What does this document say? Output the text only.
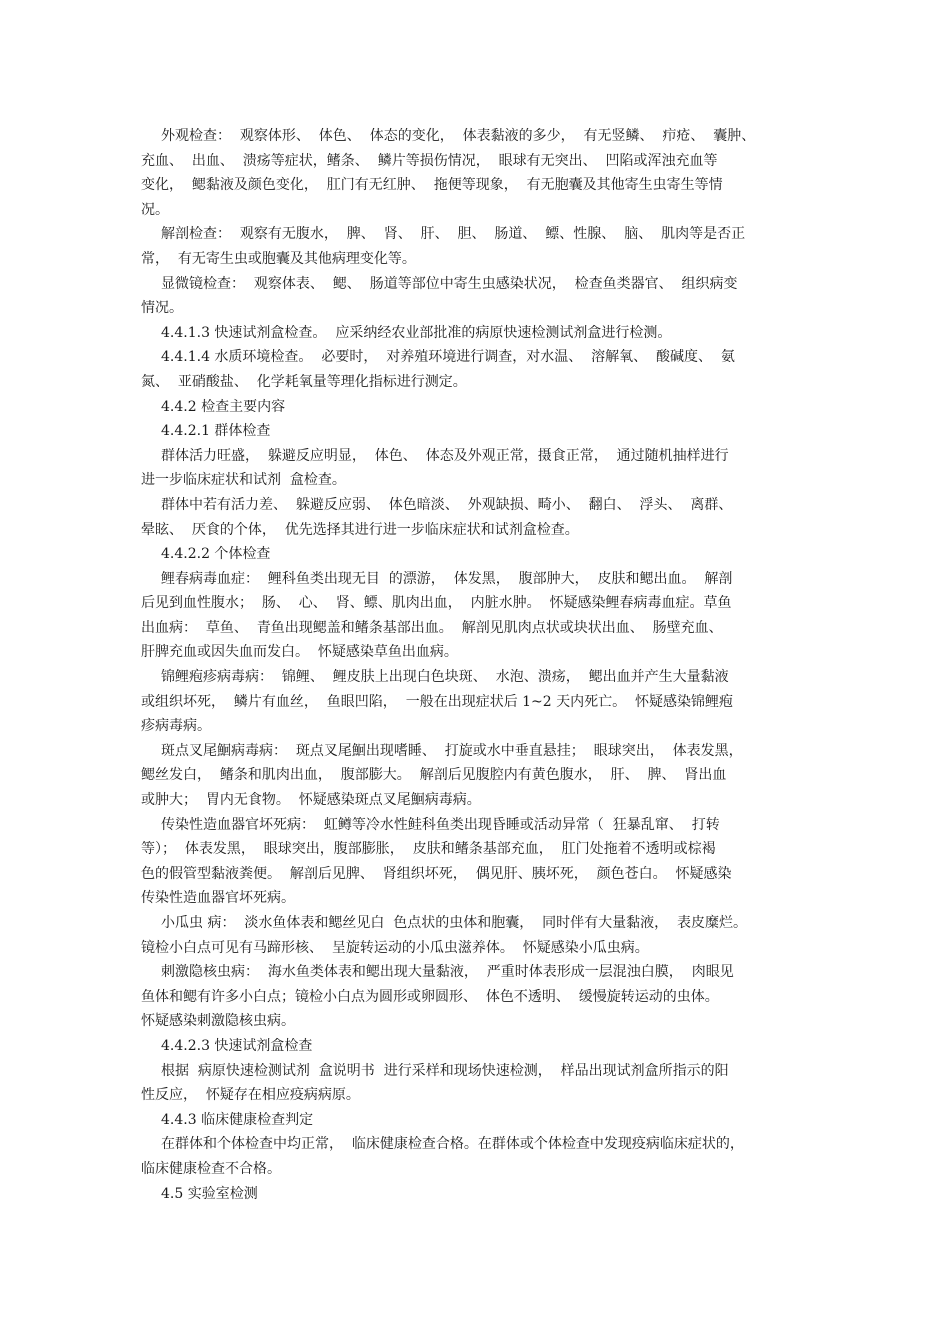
外观检查：  观察体形、  体色、  体态的变化，  体表黏液的多少，  有无竖鳞、  疖疮、  囊肿、
充血、  出血、  溃疡等症状，鳍条、  鳞片等损伤情况，  眼球有无突出、  凹陷或浑浊充血等
变化，  鳃黏液及颜色变化，  肛门有无红肿、  拖便等现象，  有无胞囊及其他寄生虫寄生等情
况。
解剖检查：  观察有无腹水，  脾、  肾、  肝、  胆、  肠道、  鳔、性腺、  脑、  肌肉等是否正
常，  有无寄生虫或胞囊及其他病理变化等。
显微镜检查：  观察体表、  鳃、  肠道等部位中寄生虫感染状况，  检查鱼类器官、  组织病变
情况。
4.4.1.3 快速试剂盒检查。  应采纳经农业部批准的病原快速检测试剂盒进行检测。
4.4.1.4 水质环境检查。  必要时，  对养殖环境进行调查，对水温、  溶解氧、  酸碱度、  氨
氮、  亚硝酸盐、  化学耗氧量等理化指标进行测定。
4.4.2 检查主要内容
4.4.2.1 群体检查
群体活力旺盛，  躲避反应明显，  体色、  体态及外观正常，摄食正常，  通过随机抽样进行
进一步临床症状和试剂  盒检查。
群体中若有活力差、  躲避反应弱、  体色暗淡、  外观缺损、畸小、  翻白、  浮头、  离群、
晕眩、  厌食的个体，  优先选择其进行进一步临床症状和试剂盒检查。
4.4.2.2 个体检查
鲤春病毒血症：  鲤科鱼类出现无目  的漂游，  体发黑，  腹部肿大，  皮肤和鳃出血。  解剖
后见到血性腹水；  肠、  心、  肾、鳔、肌肉出血，  内脏水肿。  怀疑感染鲤春病毒血症。草鱼
出血病：  草鱼、  青鱼出现鳃盖和鳍条基部出血。  解剖见肌肉点状或块状出血、  肠壁充血、
肝脾充血或因失血而发白。  怀疑感染草鱼出血病。
锦鲤疱疹病毒病：  锦鲤、  鲤皮肤上出现白色块斑、  水泡、溃疡，  鳃出血并产生大量黏液
或组织坏死，  鳞片有血丝，  鱼眼凹陷，  一般在出现症状后 1~2 天内死亡。  怀疑感染锦鲤疱
疹病毒病。
斑点叉尾鮰病毒病：  斑点叉尾鮰出现嗜睡、  打旋或水中垂直悬挂；  眼球突出，  体表发黑，
鳃丝发白，  鳍条和肌肉出血，  腹部膨大。  解剖后见腹腔内有黄色腹水，  肝、  脾、  肾出血
或肿大；  胃内无食物。  怀疑感染斑点叉尾鮰病毒病。
传染性造血器官坏死病：  虹鳟等冷水性鲑科鱼类出现昏睡或活动异常（  狂暴乱窜、  打转
等）；  体表发黑，  眼球突出，腹部膨胀，  皮肤和鳍条基部充血，  肛门处拖着不透明或棕褐
色的假管型黏液粪便。  解剖后见脾、  肾组织坏死，  偶见肝、胰坏死，  颜色苍白。  怀疑感染
传染性造血器官坏死病。
小瓜虫 病：  淡水鱼体表和鳃丝见白  色点状的虫体和胞囊，  同时伴有大量黏液，  表皮糜烂。
镜检小白点可见有马蹄形核、  呈旋转运动的小瓜虫滋养体。  怀疑感染小瓜虫病。
刺激隐核虫病：  海水鱼类体表和鳃出现大量黏液，  严重时体表形成一层混浊白膜，  肉眼见
鱼体和鳃有许多小白点；镜检小白点为圆形或卵圆形、  体色不透明、  缓慢旋转运动的虫体。
怀疑感染刺激隐核虫病。
4.4.2.3 快速试剂盒检查
根据  病原快速检测试剂  盒说明书  进行采样和现场快速检测，  样品出现试剂盒所指示的阳
性反应，  怀疑存在相应疫病病原。
4.4.3 临床健康检查判定
在群体和个体检查中均正常，  临床健康检查合格。在群体或个体检查中发现疫病临床症状的，
临床健康检查不合格。
4.5 实验室检测
